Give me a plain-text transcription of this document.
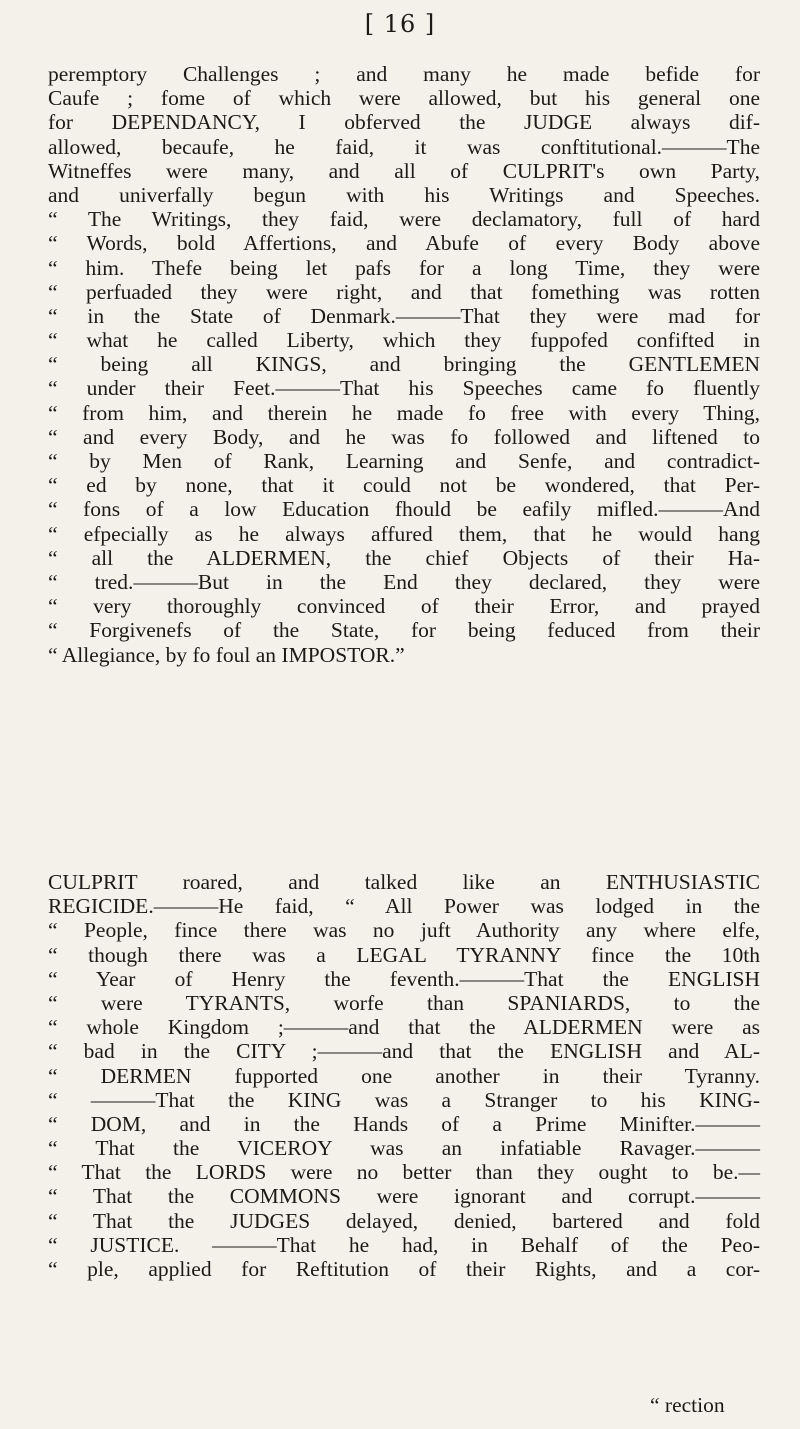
[ 16 ]
peremptory Challenges ; and many he made befide for
Caufe ; fome of which were allowed, but his general one
for DEPENDANCY, I obferved the JUDGE always dif-
allowed, becaufe, he faid, it was conftitutional.———The
Witneffes were many, and all of CULPRIT's own Party,
and univerfally begun with his Writings and Speeches.
“ The Writings, they faid, were declamatory, full of hard
“ Words, bold Affertions, and Abufe of every Body above
“ him. Thefe being let pafs for a long Time, they were
“ perfuaded they were right, and that fomething was rotten
“ in the State of Denmark.———That they were mad for
“ what he called Liberty, which they fuppofed confifted in
“ being all KINGS, and bringing the GENTLEMEN
“ under their Feet.———That his Speeches came fo fluently
“ from him, and therein he made fo free with every Thing,
“ and every Body, and he was fo followed and liftened to
“ by Men of Rank, Learning and Senfe, and contradict-
“ ed by none, that it could not be wondered, that Per-
“ fons of a low Education fhould be eafily mifled.———And
“ efpecially as he always affured them, that he would hang
“ all the ALDERMEN, the chief Objects of their Ha-
“ tred.———But in the End they declared, they were
“ very thoroughly convinced of their Error, and prayed
“ Forgivenefs of the State, for being feduced from their
“ Allegiance, by fo foul an IMPOSTOR.”
CULPRIT roared, and talked like an ENTHUSIASTIC
REGICIDE.———He faid, “ All Power was lodged in the
“ People, fince there was no juft Authority any where elfe,
“ though there was a LEGAL TYRANNY fince the 10th
“ Year of Henry the feventh.———That the ENGLISH
“ were TYRANTS, worfe than SPANIARDS, to the
“ whole Kingdom ;———and that the ALDERMEN were as
“ bad in the CITY ;———and that the ENGLISH and AL-
“ DERMEN fupported one another in their Tyranny.
“ ———That the KING was a Stranger to his KING-
“ DOM, and in the Hands of a Prime Minifter.———
“ That the VICEROY was an infatiable Ravager.———
“ That the LORDS were no better than they ought to be.—
“ That the COMMONS were ignorant and corrupt.———
“ That the JUDGES delayed, denied, bartered and fold
“ JUSTICE. ———That he had, in Behalf of the Peo-
“ ple, applied for Reftitution of their Rights, and a cor-
“ rection
